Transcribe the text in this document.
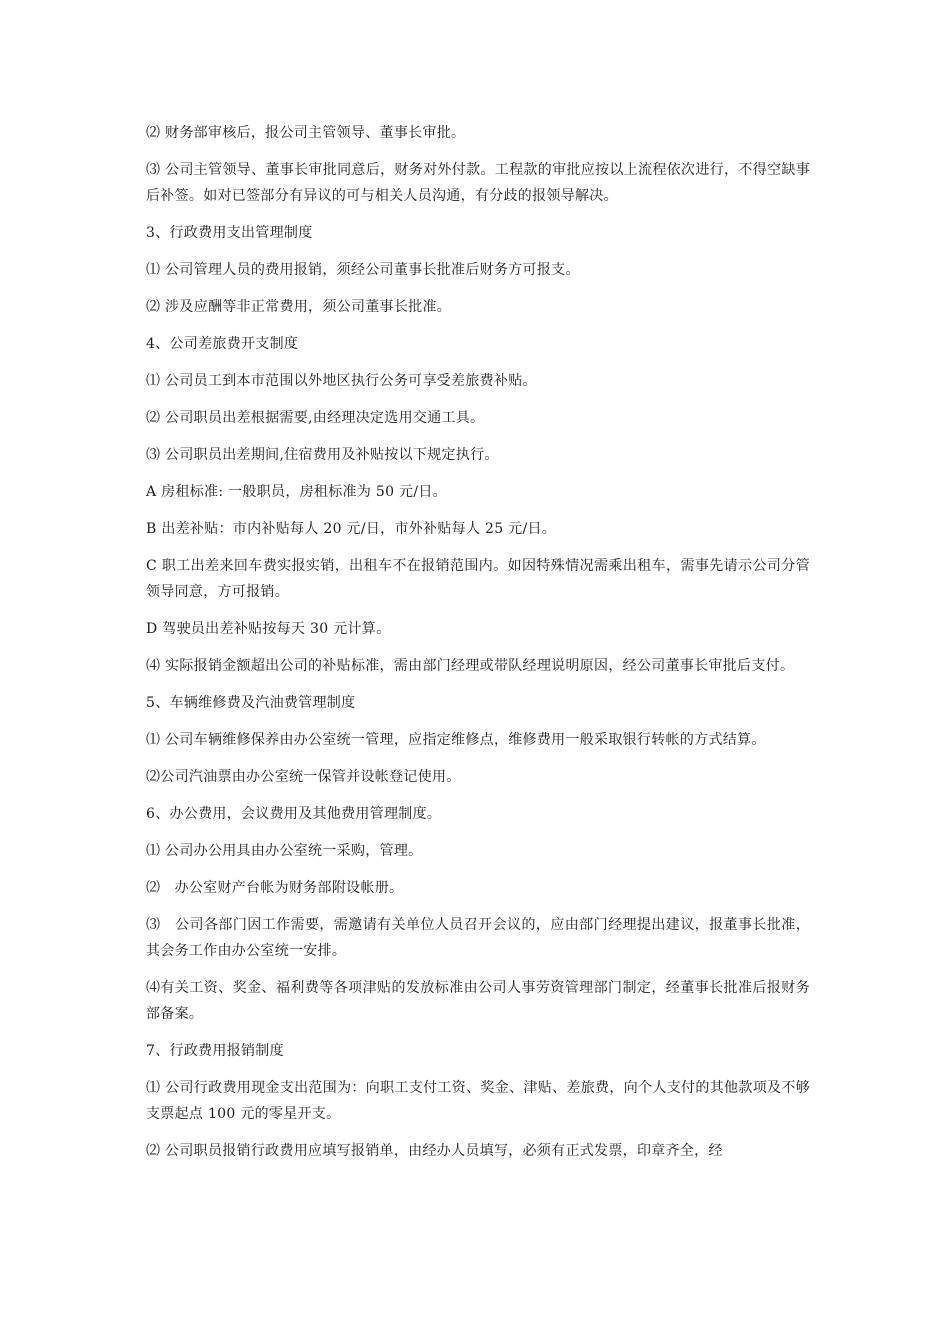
⑵ 财务部审核后，报公司主管领导、董事长审批。

⑶ 公司主管领导、董事长审批同意后，财务对外付款。工程款的审批应按以上流程依次进行，不得空缺事后补签。如对已签部分有异议的可与相关人员沟通，有分歧的报领导解决。

3、行政费用支出管理制度

⑴ 公司管理人员的费用报销，须经公司董事长批准后财务方可报支。

⑵ 涉及应酬等非正常费用，须公司董事长批准。

4、公司差旅费开支制度

⑴ 公司员工到本市范围以外地区执行公务可享受差旅费补贴。

⑵ 公司职员出差根据需要,由经理决定选用交通工具。

⑶ 公司职员出差期间,住宿费用及补贴按以下规定执行。

A 房租标准: 一般职员，房租标准为 50 元/日。

B 出差补贴：市内补贴每人 20 元/日，市外补贴每人 25 元/日。

C 职工出差来回车费实报实销，出租车不在报销范围内。如因特殊情况需乘出租车，需事先请示公司分管领导同意，方可报销。

D 驾驶员出差补贴按每天 30 元计算。

⑷ 实际报销金额超出公司的补贴标准，需由部门经理或带队经理说明原因，经公司董事长审批后支付。

5、车辆维修费及汽油费管理制度

⑴ 公司车辆维修保养由办公室统一管理，应指定维修点，维修费用一般采取银行转帐的方式结算。

⑵公司汽油票由办公室统一保管并设帐登记使用。

6、办公费用，会议费用及其他费用管理制度。

⑴ 公司办公用具由办公室统一采购，管理。

⑵   办公室财产台帐为财务部附设帐册。

⑶   公司各部门因工作需要，需邀请有关单位人员召开会议的，应由部门经理提出建议，报董事长批准，其会务工作由办公室统一安排。

⑷有关工资、奖金、福利费等各项津贴的发放标准由公司人事劳资管理部门制定，经董事长批准后报财务部备案。

7、行政费用报销制度

⑴ 公司行政费用现金支出范围为：向职工支付工资、奖金、津贴、差旅费，向个人支付的其他款项及不够支票起点 100 元的零星开支。

⑵ 公司职员报销行政费用应填写报销单，由经办人员填写，必须有正式发票，印章齐全，经
